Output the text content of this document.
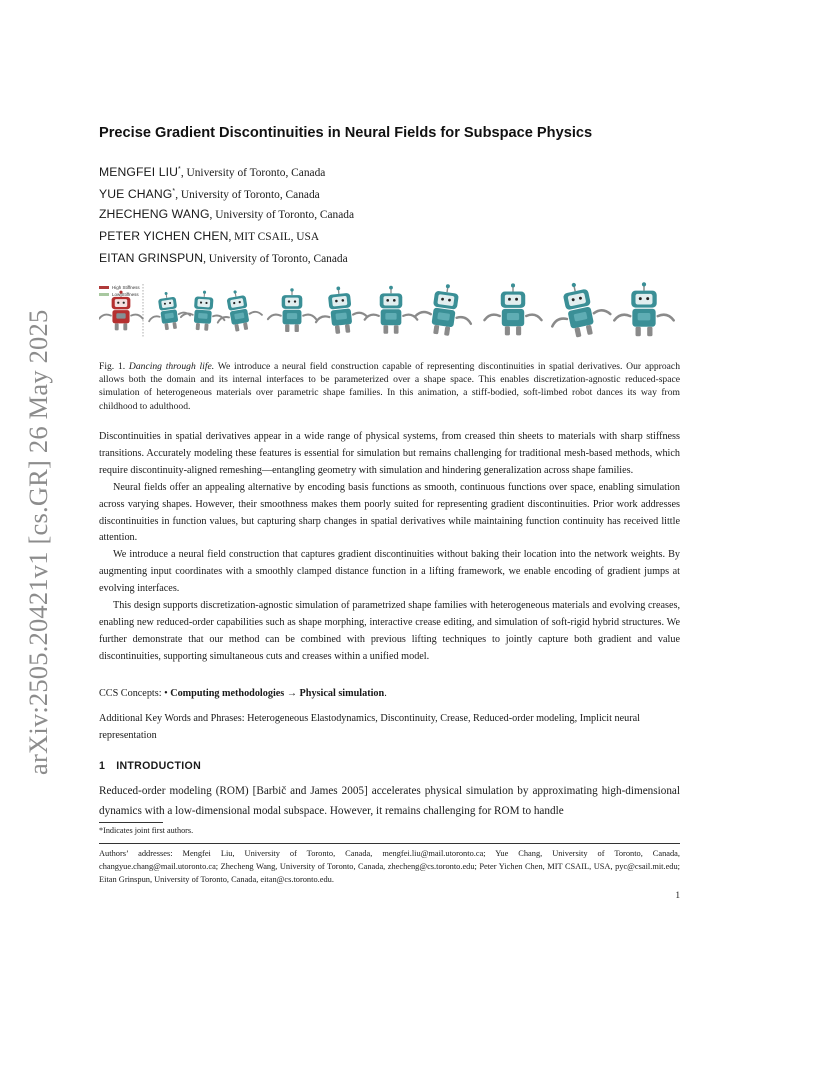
arXiv:2505.20421v1 [cs.GR] 26 May 2025
Precise Gradient Discontinuities in Neural Fields for Subspace Physics
MENGFEI LIU*, University of Toronto, Canada
YUE CHANG*, University of Toronto, Canada
ZHECHENG WANG, University of Toronto, Canada
PETER YICHEN CHEN, MIT CSAIL, USA
EITAN GRINSPUN, University of Toronto, Canada
High Stiffness
Low Stiffness
Fig. 1. Dancing through life. We introduce a neural field construction capable of representing discontinuities in spatial derivatives. Our approach allows both the domain and its internal interfaces to be parameterized over a shape space. This enables discretization-agnostic reduced-space simulation of heterogeneous materials over parametric shape families. In this animation, a stiff-bodied, soft-limbed robot dances its way from childhood to adulthood.

Discontinuities in spatial derivatives appear in a wide range of physical systems, from creased thin sheets to materials with sharp stiffness transitions. Accurately modeling these features is essential for simulation but remains challenging for traditional mesh-based methods, which require discontinuity-aligned remeshing—entangling geometry with simulation and hindering generalization across shape families.

Neural fields offer an appealing alternative by encoding basis functions as smooth, continuous functions over space, enabling simulation across varying shapes. However, their smoothness makes them poorly suited for representing gradient discontinuities. Prior work addresses discontinuities in function values, but capturing sharp changes in spatial derivatives while maintaining function continuity has received little attention.

We introduce a neural field construction that captures gradient discontinuities without baking their location into the network weights. By augmenting input coordinates with a smoothly clamped distance function in a lifting framework, we enable encoding of gradient jumps at evolving interfaces.

This design supports discretization-agnostic simulation of parametrized shape families with heterogeneous materials and evolving creases, enabling new reduced-order capabilities such as shape morphing, interactive crease editing, and simulation of soft-rigid hybrid structures. We further demonstrate that our method can be combined with previous lifting techniques to jointly capture both gradient and value discontinuities, supporting simultaneous cuts and creases within a unified model.

CCS Concepts: • Computing methodologies → Physical simulation.
Additional Key Words and Phrases: Heterogeneous Elastodynamics, Discontinuity, Crease, Reduced-order modeling, Implicit neural representation
1 INTRODUCTION
Reduced-order modeling (ROM) [Barbič and James 2005] accelerates physical simulation by approximating high-dimensional dynamics with a low-dimensional modal subspace. However, it remains challenging for ROM to handle
*Indicates joint first authors.
Authors’ addresses: Mengfei Liu, University of Toronto, Canada, mengfei.liu@mail.utoronto.ca; Yue Chang, University of Toronto, Canada, changyue.chang@mail.utoronto.ca; Zhecheng Wang, University of Toronto, Canada, zhecheng@cs.toronto.edu; Peter Yichen Chen, MIT CSAIL, USA, pyc@csail.mit.edu; Eitan Grinspun, University of Toronto, Canada, eitan@cs.toronto.edu.
1
